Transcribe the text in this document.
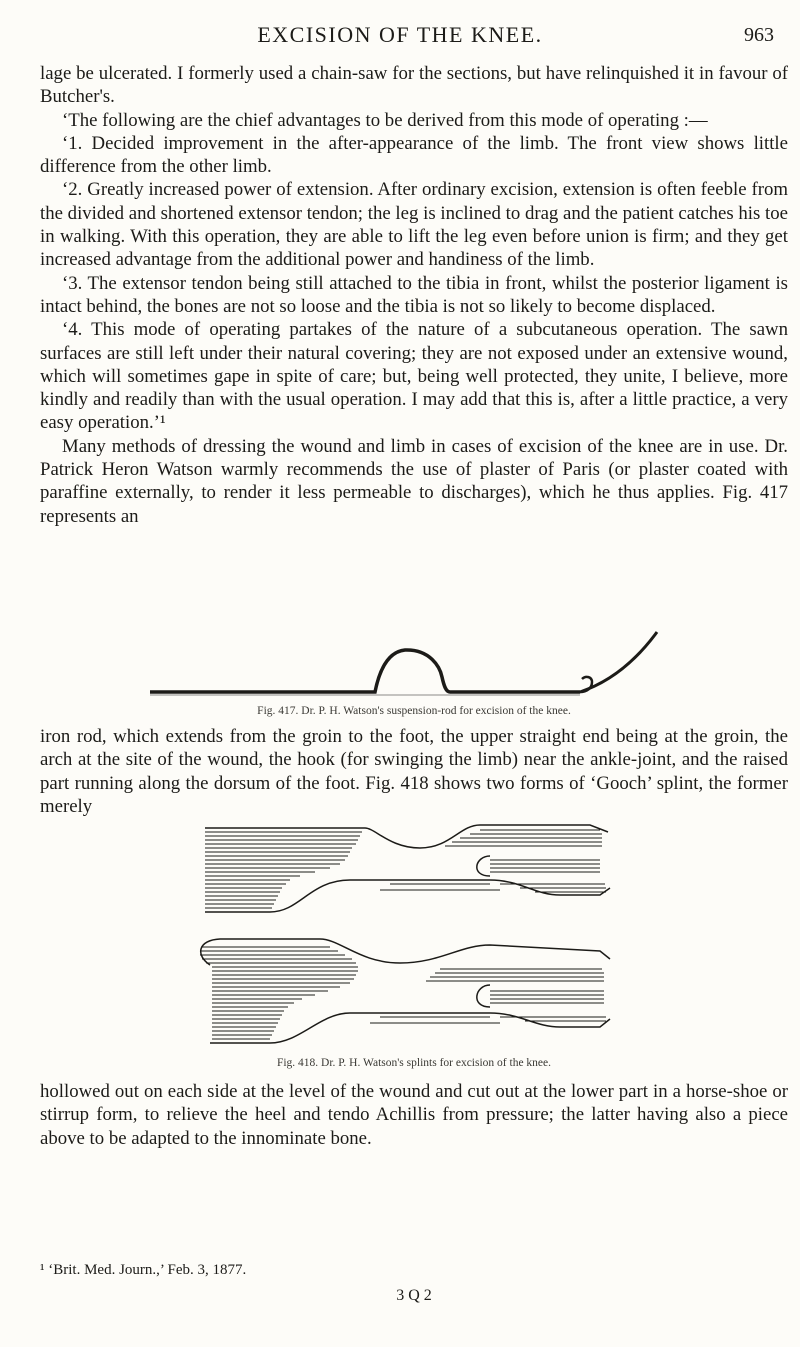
EXCISION OF THE KNEE.	963

lage be ulcerated. I formerly used a chain-saw for the sections, but have relinquished it in favour of Butcher's.

‘The following are the chief advantages to be derived from this mode of operating :—

‘1. Decided improvement in the after-appearance of the limb. The front view shows little difference from the other limb.

‘2. Greatly increased power of extension. After ordinary excision, extension is often feeble from the divided and shortened extensor tendon; the leg is inclined to drag and the patient catches his toe in walking. With this operation, they are able to lift the leg even before union is firm; and they get increased advantage from the additional power and handiness of the limb.

‘3. The extensor tendon being still attached to the tibia in front, whilst the posterior ligament is intact behind, the bones are not so loose and the tibia is not so likely to become displaced.

‘4. This mode of operating partakes of the nature of a subcutaneous operation. The sawn surfaces are still left under their natural covering; they are not exposed under an extensive wound, which will sometimes gape in spite of care; but, being well protected, they unite, I believe, more kindly and readily than with the usual operation. I may add that this is, after a little practice, a very easy operation.’¹

Many methods of dressing the wound and limb in cases of excision of the knee are in use. Dr. Patrick Heron Watson warmly recommends the use of plaster of Paris (or plaster coated with paraffine externally, to render it less permeable to discharges), which he thus applies. Fig. 417 represents an

Fig. 417. Dr. P. H. Watson's suspension-rod for excision of the knee.

iron rod, which extends from the groin to the foot, the upper straight end being at the groin, the arch at the site of the wound, the hook (for swinging the limb) near the ankle-joint, and the raised part running along the dorsum of the foot. Fig. 418 shows two forms of ‘Gooch’ splint, the former merely

Fig. 418. Dr. P. H. Watson's splints for excision of the knee.

hollowed out on each side at the level of the wound and cut out at the lower part in a horse-shoe or stirrup form, to relieve the heel and tendo Achillis from pressure; the latter having also a piece above to be adapted to the innominate bone.

¹ ‘Brit. Med. Journ.,’ Feb. 3, 1877.
3 Q 2
